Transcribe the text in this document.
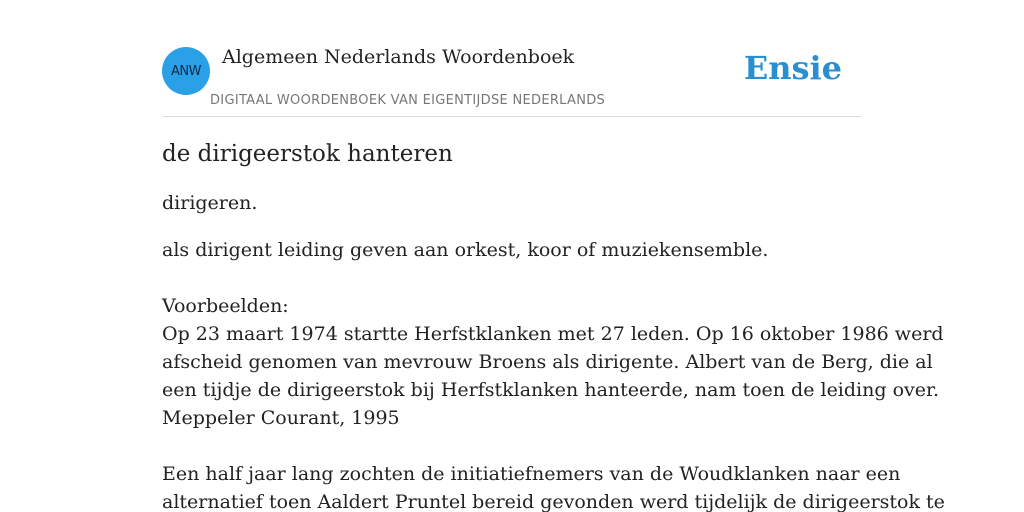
ANW
Algemeen Nederlands Woordenboek
DIGITAAL WOORDENBOEK VAN EIGENTIJDSE NEDERLANDS
Ensie
de dirigeerstok hanteren

dirigeren.

als dirigent leiding geven aan orkest, koor of muziekensemble.

Voorbeelden:

Op 23 maart 1974 startte Herfstklanken met 27 leden. Op 16 oktober 1986 werd
afscheid genomen van mevrouw Broens als dirigente. Albert van de Berg, die al
een tijdje de dirigeerstok bij Herfstklanken hanteerde, nam toen de leiding over.
Meppeler Courant, 1995

Een half jaar lang zochten de initiatiefnemers van de Woudklanken naar een
alternatief toen Aaldert Pruntel bereid gevonden werd tijdelijk de dirigeerstok te
